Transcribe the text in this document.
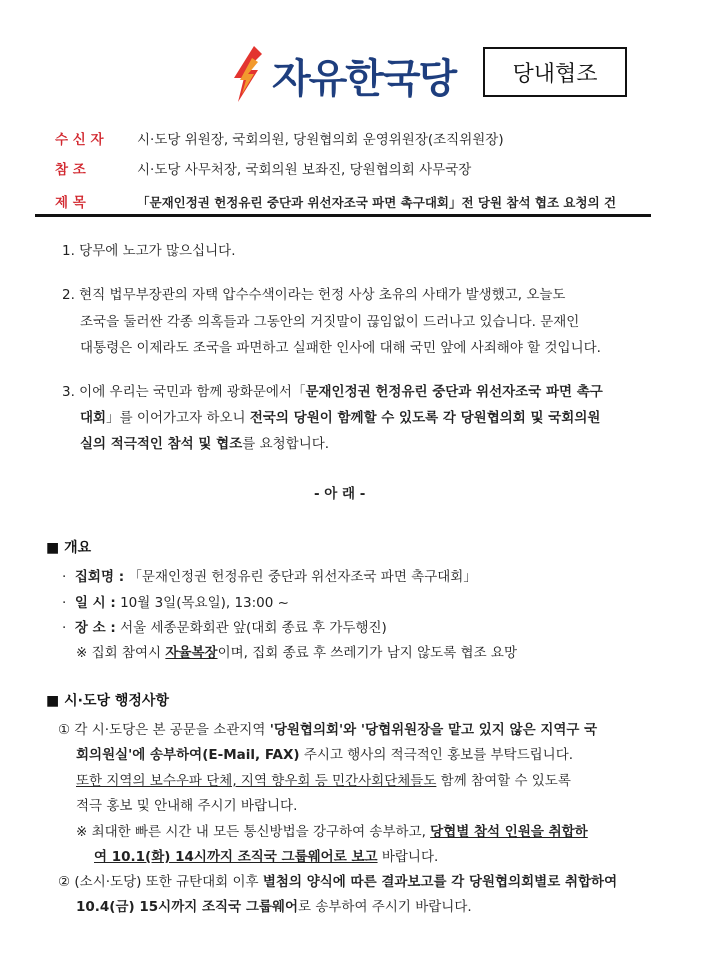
자유한국당	당내협조
수 신 자 시·도당 위원장, 국회의원, 당원협의회 운영위원장(조직위원장)
참 조	시·도당 사무처장, 국회의원 보좌진, 당원협의회 사무국장
제 목	「문재인정권 헌정유린 중단과 위선자조국 파면 촉구대회」전 당원 참석 협조 요청의 건
1. 당무에 노고가 많으십니다.
2. 현직 법무부장관의 자택 압수수색이라는 헌정 사상 초유의 사태가 발생했고, 오늘도
조국을 둘러싼 각종 의혹들과 그동안의 거짓말이 끊임없이 드러나고 있습니다. 문재인
대통령은 이제라도 조국을 파면하고 실패한 인사에 대해 국민 앞에 사죄해야 할 것입니다.
3. 이에 우리는 국민과 함께 광화문에서「문재인정권 헌정유린 중단과 위선자조국 파면 촉구
대회」를 이어가고자 하오니 전국의 당원이 함께할 수 있도록 각 당원협의회 및 국회의원
실의 적극적인 참석 및 협조를 요청합니다.
- 아 래 -
■ 개요
· 집회명 : 「문재인정권 헌정유린 중단과 위선자조국 파면 촉구대회」
· 일 시 : 10월 3일(목요일), 13:00 ~
· 장 소 : 서울 세종문화회관 앞(대회 종료 후 가두행진)
※ 집회 참여시 자율복장이며, 집회 종료 후 쓰레기가 남지 않도록 협조 요망
■ 시·도당 행정사항
① 각 시·도당은 본 공문을 소관지역 '당원협의회'와 '당협위원장을 맡고 있지 않은 지역구 국
회의원실'에 송부하여(E-Mail, FAX) 주시고 행사의 적극적인 홍보를 부탁드립니다.
또한 지역의 보수우파 단체, 지역 향우회 등 민간사회단체들도 함께 참여할 수 있도록
적극 홍보 및 안내해 주시기 바랍니다.
※ 최대한 빠른 시간 내 모든 통신방법을 강구하여 송부하고, 당협별 참석 인원을 취합하
여 10.1(화) 14시까지 조직국 그룹웨어로 보고 바랍니다.
② (소시·도당) 또한 규탄대회 이후 별첨의 양식에 따른 결과보고를 각 당원협의회별로 취합하여
10.4(금) 15시까지 조직국 그룹웨어로 송부하여 주시기 바랍니다.
